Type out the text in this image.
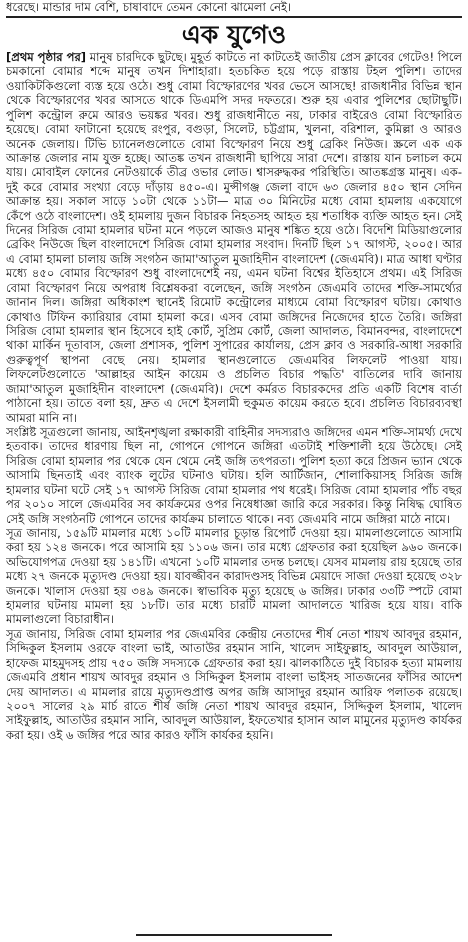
ধরেছে। মান্ডার দাম বেশি, চাষাবাদে তেমন কোনো ঝামেলা নেই।
এক যুগেও

[প্রথম পৃষ্ঠার পর] মানুষ চারদিকে ছুটছে। মুহূর্ত কাটতে না কাটতেই জাতীয় প্রেস ক্লাবের গেটেও! পিলে চমকানো বোমার শব্দে মানুষ তখন দিশাহারা। হতচকিত হয়ে পড়ে রাস্তায় টহল পুলিশ। তাদের ওয়াকিটকিগুলো ব্যস্ত হয়ে ওঠে। শুধু বোমা বিস্ফোরণের খবর ভেসে আসছে! রাজধানীর বিভিন্ন স্থান থেকে বিস্ফোরণের খবর আসতে থাকে ডিএমপি সদর দফতরে। শুরু হয় এবার পুলিশের ছোটাছুটি। পুলিশ কন্ট্রোল রুমে আরও ভয়ঙ্কর খবর। শুধু রাজধানীতে নয়, ঢাকার বাইরেও বোমা বিস্ফোরিত হয়েছে। বোমা ফাটানো হয়েছে রংপুর, বগুড়া, সিলেট, চট্টগ্রাম, খুলনা, বরিশাল, কুমিল্লা ও আরও অনেক জেলায়। টিভি চ্যানেলগুলোতে বোমা বিস্ফোরণ নিয়ে শুধু ব্রেকিং নিউজ। স্ক্রলে এক এক আক্রান্ত জেলার নাম যুক্ত হচ্ছে। আতঙ্ক তখন রাজধানী ছাপিয়ে সারা দেশে। রাস্তায় যান চলাচল কমে যায়। মোবাইল ফোনের নেটওয়ার্কে তীব্র ওভার লোড। শ্বাসরুদ্ধকর পরিস্থিতি। আতঙ্কগ্রস্ত মানুষ। এক-দুই করে বোমার সংখ্যা বেড়ে দাঁড়ায় ৪৫০-এ। মুন্সীগঞ্জ জেলা বাদে ৬৩ জেলার ৪৫০ স্থান সেদিন আক্রান্ত হয়। সকাল সাড়ে ১০টা থেকে ১১টা— মাত্র ৩০ মিনিটের মধ্যে বোমা হামলায় একযোগে কেঁপে ওঠে বাংলাদেশ। ওই হামলায় দুজন বিচারক নিহতসহ আহত হয় শতাধিক ব্যক্তি আহত হন। সেই দিনের সিরিজ বোমা হামলার ঘটনা মনে পড়লে আজও মানুষ শঙ্কিত হয়ে ওঠে। বিদেশি মিডিয়াগুলোর ব্রেকিং নিউজে ছিল বাংলাদেশে সিরিজ বোমা হামলার সংবাদ। দিনটি ছিল ১৭ আগস্ট, ২০০৫। আর এ বোমা হামলা চালায় জঙ্গি সংগঠন জামা'আতুল মুজাহিদীন বাংলাদেশ (জেএমবি)। মাত্র আধা ঘণ্টার মধ্যে ৪৫০ বোমার বিস্ফোরণ শুধু বাংলাদেশেই নয়, এমন ঘটনা বিশ্বের ইতিহাসে প্রথম। এই সিরিজ বোমা বিস্ফোরণ নিয়ে অপরাধ বিশ্লেষকরা বলেছেন, জঙ্গি সংগঠন জেএমবি তাদের শক্তি-সামর্থ্যের জানান দিল। জঙ্গিরা অধিকাংশ স্থানেই রিমোট কন্ট্রোলের মাধ্যমে বোমা বিস্ফোরণ ঘটায়। কোথাও কোথাও টিফিন ক্যারিয়ার বোমা হামলা করে। এসব বোমা জঙ্গিদের নিজেদের হাতে তৈরি। জঙ্গিরা সিরিজ বোমা হামলার স্থান হিসেবে হাই কোর্ট, সুপ্রিম কোর্ট, জেলা আদালত, বিমানবন্দর, বাংলাদেশে থাকা মার্কিন দূতাবাস, জেলা প্রশাসক, পুলিশ সুপারের কার্যালয়, প্রেস ক্লাব ও সরকারি-আধা সরকারি গুরুত্বপূর্ণ স্থাপনা বেছে নেয়। হামলার স্থানগুলোতে জেএমবির লিফলেট পাওয়া যায়। লিফলেটগুলোতে 'আল্লাহর আইন কায়েম ও প্রচলিত বিচার পদ্ধতি' বাতিলের দাবি জানায় জামা'আতুল মুজাহিদীন বাংলাদেশ (জেএমবি)। দেশে কর্মরত বিচারকদের প্রতি একটি বিশেষ বার্তা পাঠানো হয়। তাতে বলা হয়, দ্রুত এ দেশে ইসলামী হুকুমত কায়েম করতে হবে। প্রচলিত বিচারব্যবস্থা আমরা মানি না।

সংশ্লিষ্ট সূত্রগুলো জানায়, আইনশৃঙ্খলা রক্ষাকারী বাহিনীর সদস্যরাও জঙ্গিদের এমন শক্তি-সামর্থ্য দেখে হতবাক। তাদের ধারণায় ছিল না, গোপনে গোপনে জঙ্গিরা এতটাই শক্তিশালী হয়ে উঠেছে। সেই সিরিজ বোমা হামলার পর থেকে যেন থেমে নেই জঙ্গি তৎপরতা। পুলিশ হত্যা করে প্রিজন ভ্যান থেকে আসামি ছিনতাই এবং ব্যাংক লুটের ঘটনাও ঘটায়। হলি আর্টিজান, শোলাকিয়াসহ সিরিজ জঙ্গি হামলার ঘটনা ঘটে সেই ১৭ আগস্ট সিরিজ বোমা হামলার পথ ধরেই। সিরিজ বোমা হামলার পাঁচ বছর পর ২০১০ সালে জেএমবির সব কার্যক্রমের ওপর নিষেধাজ্ঞা জারি করে সরকার। কিন্তু নিষিদ্ধ ঘোষিত সেই জঙ্গি সংগঠনটি গোপনে তাদের কার্যক্রম চালাতে থাকে। নব্য জেএমবি নামে জঙ্গিরা মাঠে নামে।

সূত্র জানায়, ১৫৯টি মামলার মধ্যে ১০টি মামলার চূড়ান্ত রিপোর্ট দেওয়া হয়। মামলাগুলোতে আসামি করা হয় ১২৪ জনকে। পরে আসামি হয় ১১০৬ জন। তার মধ্যে গ্রেফতার করা হয়েছিল ৯৬০ জনকে। অভিযোগপত্র দেওয়া হয় ১৪১টি। এখনো ১০টি মামলার তদন্ত চলছে। যেসব মামলায় রায় হয়েছে তার মধ্যে ২৭ জনকে মৃত্যুদণ্ড দেওয়া হয়। যাবজ্জীবন কারাদণ্ডসহ বিভিন্ন মেয়াদে সাজা দেওয়া হয়েছে ৩২৮ জনকে। খালাস দেওয়া হয় ৩৪৯ জনকে। স্বাভাবিক মৃত্যু হয়েছে ৬ জঙ্গির। ঢাকার ৩৩টি স্পটে বোমা হামলার ঘটনায় মামলা হয় ১৮টি। তার মধ্যে চারটি মামলা আদালতে খারিজ হয়ে যায়। বাকি মামলাগুলো বিচারাধীন।

সূত্র জানায়, সিরিজ বোমা হামলার পর জেএমবির কেন্দ্রীয় নেতাদের শীর্ষ নেতা শায়খ আবদুর রহমান, সিদ্দিকুল ইসলাম ওরফে বাংলা ভাই, আতাউর রহমান সানি, খালেদ সাইফুল্লাহ, আবদুল আউয়াল, হাফেজ মাহমুদসহ প্রায় ৭৫০ জঙ্গি সদস্যকে গ্রেফতার করা হয়। ঝালকাঠিতে দুই বিচারক হত্যা মামলায় জেএমবি প্রধান শায়খ আবদুর রহমান ও সিদ্দিকুল ইসলাম বাংলা ভাইসহ সাতজনের ফাঁসির আদেশ দেয় আদালত। এ মামলার রায়ে মৃত্যুদণ্ডপ্রাপ্ত অপর জঙ্গি আসাদুর রহমান আরিফ পলাতক রয়েছে। ২০০৭ সালের ২৯ মার্চ রাতে শীর্ষ জঙ্গি নেতা শায়খ আবদুর রহমান, সিদ্দিকুল ইসলাম, খালেদ সাইফুল্লাহ, আতাউর রহমান সানি, আবদুল আউয়াল, ইফতেখার হাসান আল মামুনের মৃত্যুদণ্ড কার্যকর করা হয়। ওই ৬ জঙ্গির পরে আর কারও ফাঁসি কার্যকর হয়নি।
